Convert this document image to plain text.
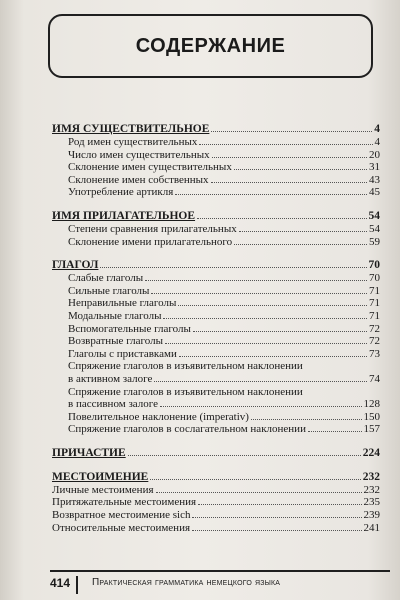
СОДЕРЖАНИЕ
ИМЯ СУЩЕСТВИТЕЛЬНОЕ	4
Род имен существительных	4
Число имен существительных	20
Склонение имен существительных	31
Склонение имен собственных	43
Употребление артикля	45
ИМЯ ПРИЛАГАТЕЛЬНОЕ	54
Степени сравнения прилагательных	54
Склонение имени прилагательного	59
ГЛАГОЛ	70
Слабые глаголы	70
Сильные глаголы	71
Неправильные глаголы	71
Модальные глаголы	71
Вспомогательные глаголы	72
Возвратные глаголы	72
Глаголы с приставками	73
Спряжение глаголов в изъявительном наклонении
в активном залоге	74
Спряжение глаголов в изъявительном наклонении
в пассивном залоге	128
Повелительное наклонение (imperativ)	150
Спряжение глаголов в сослагательном наклонении	157
ПРИЧАСТИЕ	224
МЕСТОИМЕНИЕ	232
Личные местоимения	232
Притяжательные местоимения	235
Возвратное местоимение sich	239
Относительные местоимения	241
414	Практическая грамматика немецкого языка
